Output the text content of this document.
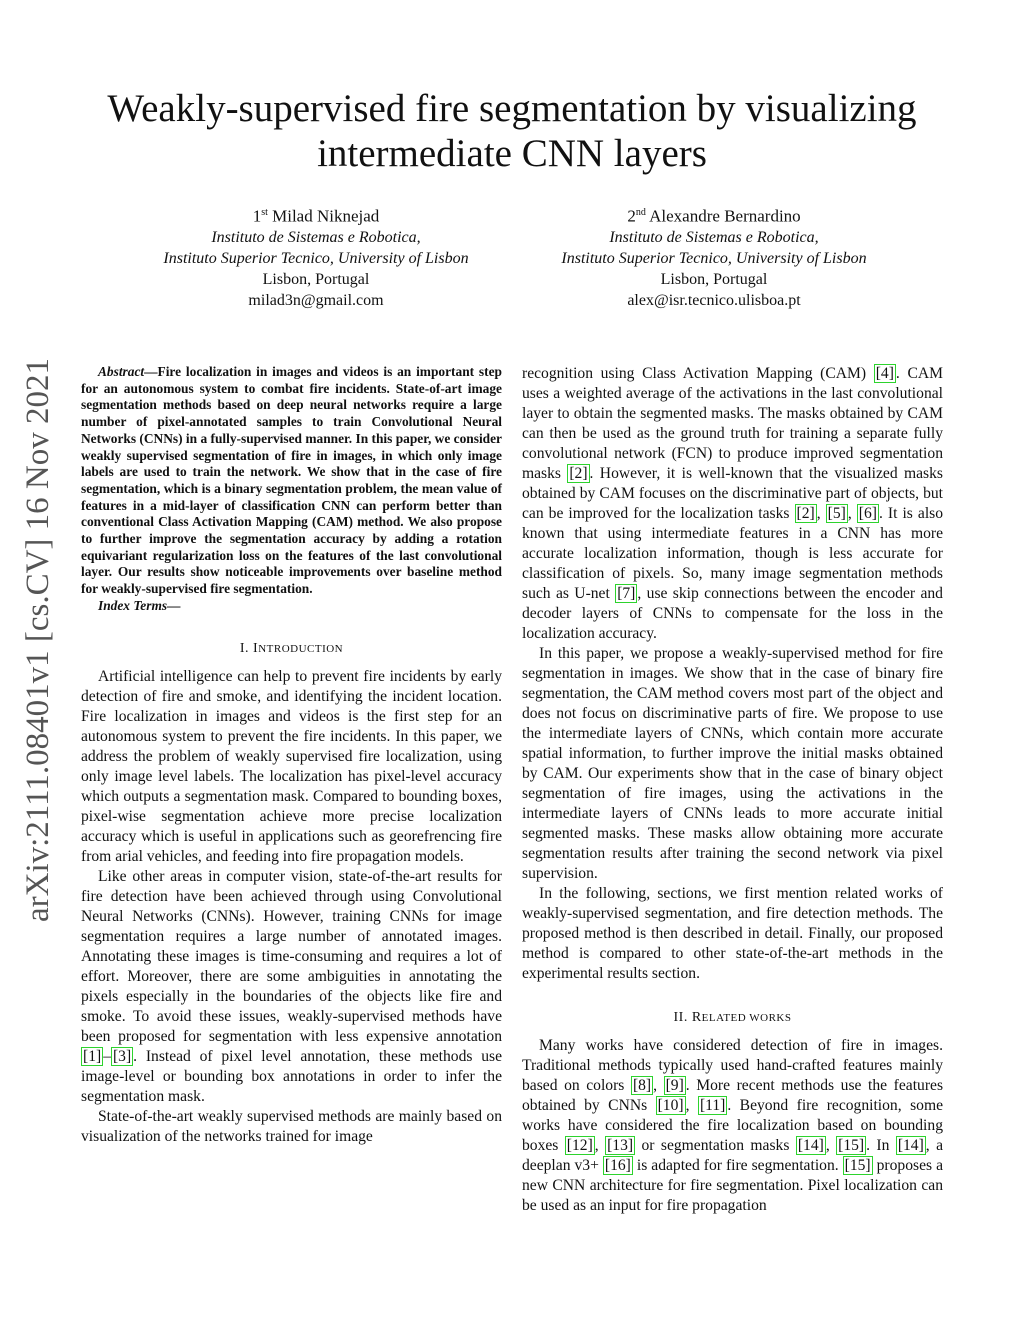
Weakly-supervised fire segmentation by visualizing intermediate CNN layers
1st Milad Niknejad
Instituto de Sistemas e Robotica,
Instituto Superior Tecnico, University of Lisbon
Lisbon, Portugal
milad3n@gmail.com
2nd Alexandre Bernardino
Instituto de Sistemas e Robotica,
Instituto Superior Tecnico, University of Lisbon
Lisbon, Portugal
alex@isr.tecnico.ulisboa.pt
arXiv:2111.08401v1 [cs.CV] 16 Nov 2021	Abstract—Fire localization in images and videos is an important step for an autonomous system to combat fire incidents. State-of-art image segmentation methods based on deep neural networks require a large number of pixel-annotated samples to train Convolutional Neural Networks (CNNs) in a fully-supervised manner. In this paper, we consider weakly supervised segmentation of fire in images, in which only image labels are used to train the network. We show that in the case of fire segmentation, which is a binary segmentation problem, the mean value of features in a mid-layer of classification CNN can perform better than conventional Class Activation Mapping (CAM) method. We also propose to further improve the segmentation accuracy by adding a rotation equivariant regularization loss on the features of the last convolutional layer. Our results show noticeable improvements over baseline method for weakly-supervised fire segmentation.

Index Terms—

I. INTRODUCTION

Artificial intelligence can help to prevent fire incidents by early detection of fire and smoke, and identifying the incident location. Fire localization in images and videos is the first step for an autonomous system to prevent the fire incidents. In this paper, we address the problem of weakly supervised fire localization, using only image level labels. The localization has pixel-level accuracy which outputs a segmentation mask. Compared to bounding boxes, pixel-wise segmentation achieve more precise localization accuracy which is useful in applications such as georefrencing fire from arial vehicles, and feeding into fire propagation models.

Like other areas in computer vision, state-of-the-art results for fire detection have been achieved through using Convolutional Neural Networks (CNNs). However, training CNNs for image segmentation requires a large number of annotated images. Annotating these images is time-consuming and requires a lot of effort. Moreover, there are some ambiguities in annotating the pixels especially in the boundaries of the objects like fire and smoke. To avoid these issues, weakly-supervised methods have been proposed for segmentation with less expensive annotation [1] – [3] . Instead of pixel level annotation, these methods use image-level or bounding box annotations in order to infer the segmentation mask.

State-of-the-art weakly supervised methods are mainly based on visualization of the networks trained for image

recognition using Class Activation Mapping (CAM) [4] . CAM uses a weighted average of the activations in the last convolutional layer to obtain the segmented masks. The masks obtained by CAM can then be used as the ground truth for training a separate fully convolutional network (FCN) to produce improved segmentation masks [2] . However, it is well-known that the visualized masks obtained by CAM focuses on the discriminative part of objects, but can be improved for the localization tasks [2] , [5] , [6] . It is also known that using intermediate features in a CNN has more accurate localization information, though is less accurate for classification of pixels. So, many image segmentation methods such as U-net [7] , use skip connections between the encoder and decoder layers of CNNs to compensate for the loss in the localization accuracy.

In this paper, we propose a weakly-supervised method for fire segmentation in images. We show that in the case of binary fire segmentation, the CAM method covers most part of the object and does not focus on discriminative parts of fire. We propose to use the intermediate layers of CNNs, which contain more accurate spatial information, to further improve the initial masks obtained by CAM. Our experiments show that in the case of binary object segmentation of fire images, using the activations in the intermediate layers of CNNs leads to more accurate initial segmented masks. These masks allow obtaining more accurate segmentation results after training the second network via pixel supervision.

In the following, sections, we first mention related works of weakly-supervised segmentation, and fire detection methods. The proposed method is then described in detail. Finally, our proposed method is compared to other state-of-the-art methods in the experimental results section.

II. RELATED WORKS

Many works have considered detection of fire in images. Traditional methods typically used hand-crafted features mainly based on colors [8] , [9] . More recent methods use the features obtained by CNNs [10] , [11] . Beyond fire recognition, some works have considered the fire localization based on bounding boxes [12] , [13] or segmentation masks [14] , [15] . In [14] , a deeplan v3+ [16] is adapted for fire segmentation. [15] proposes a new CNN architecture for fire segmentation. Pixel localization can be used as an input for fire propagation
